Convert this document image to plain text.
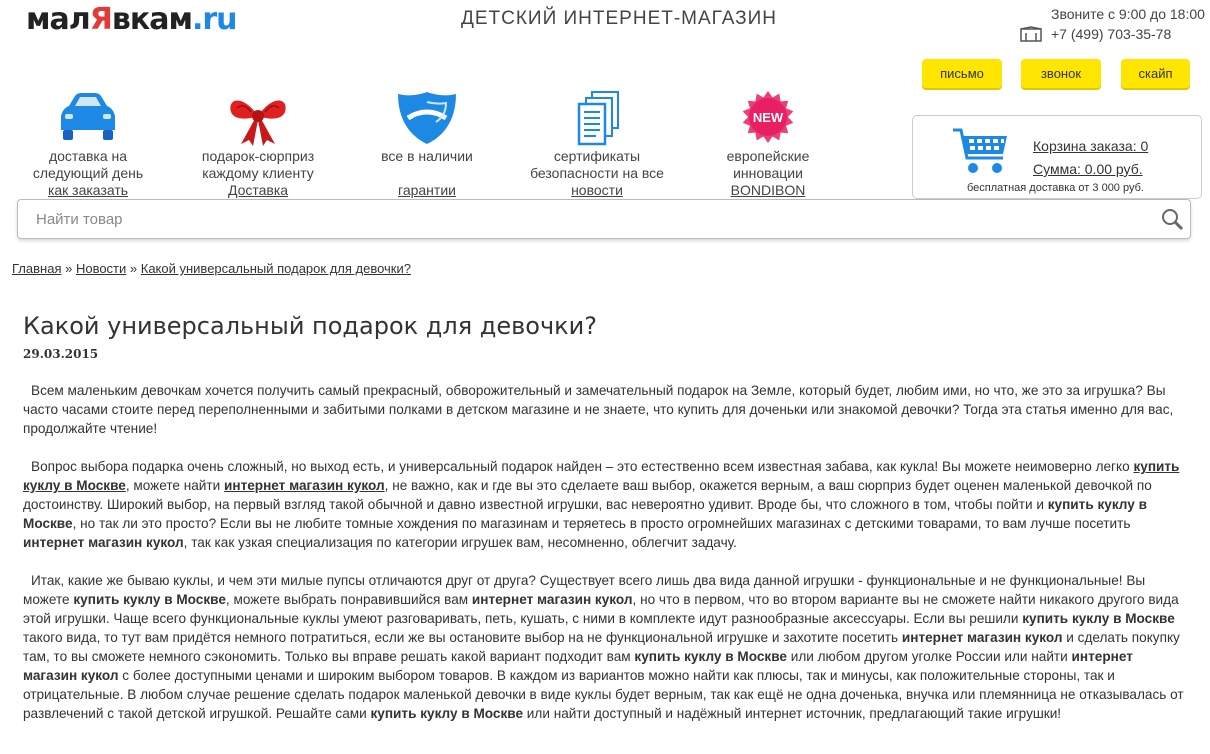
малЯвкам.ru	ДЕТСКИЙ ИНТЕРНЕТ-МАГАЗИН	Звоните с 9:00 до 18:00
+7 (499) 703-35-78
письмо	звонок	скайп
доставка на следующий день
как заказать
подарок-сюрприз каждому клиенту
Доставка
все в наличии
гарантии
сертификаты безопасности на все
новости
NEW
европейские инновации
BONDIBON
Корзина заказа: 0
Сумма: 0.00 руб.
бесплатная доставка от 3 000 руб.
Найти товар
Главная » Новости » Какой универсальный подарок для девочки?
Какой универсальный подарок для девочки?
29.03.2015

Всем маленьким девочкам хочется получить самый прекрасный, обворожительный и замечательный подарок на Земле, который будет, любим ими, но что, же это за игрушка? Вы часто часами стоите перед переполненными и забитыми полками в детском магазине и не знаете, что купить для доченьки или знакомой девочки? Тогда эта статья именно для вас, продолжайте чтение!

Вопрос выбора подарка очень сложный, но выход есть, и универсальный подарок найден – это естественно всем известная забава, как кукла! Вы можете неимоверно легко купить куклу в Москве, можете найти интернет магазин кукол, не важно, как и где вы это сделаете ваш выбор, окажется верным, а ваш сюрприз будет оценен маленькой девочкой по достоинству. Широкий выбор, на первый взгляд такой обычной и давно известной игрушки, вас невероятно удивит. Вроде бы, что сложного в том, чтобы пойти и купить куклу в Москве, но так ли это просто? Если вы не любите томные хождения по магазинам и теряетесь в просто огромнейших магазинах с детскими товарами, то вам лучше посетить интернет магазин кукол, так как узкая специализация по категории игрушек вам, несомненно, облегчит задачу.

Итак, какие же бываю куклы, и чем эти милые пупсы отличаются друг от друга? Существует всего лишь два вида данной игрушки - функциональные и не функциональные! Вы можете купить куклу в Москве, можете выбрать понравившийся вам интернет магазин кукол, но что в первом, что во втором варианте вы не сможете найти никакого другого вида этой игрушки. Чаще всего функциональные куклы умеют разговаривать, петь, кушать, с ними в комплекте идут разнообразные аксессуары. Если вы решили купить куклу в Москве такого вида, то тут вам придётся немного потратиться, если же вы остановите выбор на не функциональной игрушке и захотите посетить интернет магазин кукол и сделать покупку там, то вы сможете немного сэкономить. Только вы вправе решать какой вариант подходит вам купить куклу в Москве или любом другом уголке России или найти интернет магазин кукол с более доступными ценами и широким выбором товаров. В каждом из вариантов можно найти как плюсы, так и минусы, как положительные стороны, так и отрицательные. В любом случае решение сделать подарок маленькой девочки в виде куклы будет верным, так как ещё не одна доченька, внучка или племянница не отказывалась от развлечений с такой детской игрушкой. Решайте сами купить куклу в Москве или найти доступный и надёжный интернет источник, предлагающий такие игрушки!
